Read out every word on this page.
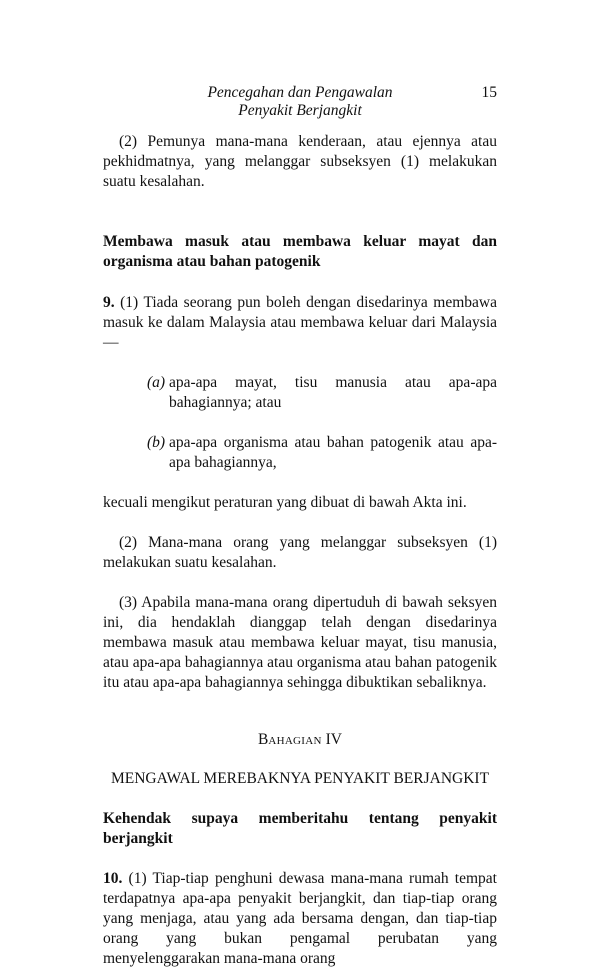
Pencegahan dan Pengawalan
Penyakit Berjangkit
15

(2) Pemunya mana-mana kenderaan, atau ejennya atau pekhidmatnya, yang melanggar subseksyen (1) melakukan suatu kesalahan.

Membawa masuk atau membawa keluar mayat dan organisma atau bahan patogenik

9. (1) Tiada seorang pun boleh dengan disedarinya membawa masuk ke dalam Malaysia atau membawa keluar dari Malaysia—

(a) apa-apa mayat, tisu manusia atau apa-apa bahagiannya; atau
(b) apa-apa organisma atau bahan patogenik atau apa-apa bahagiannya,

kecuali mengikut peraturan yang dibuat di bawah Akta ini.

(2) Mana-mana orang yang melanggar subseksyen (1) melakukan suatu kesalahan.

(3) Apabila mana-mana orang dipertuduh di bawah seksyen ini, dia hendaklah dianggap telah dengan disedarinya membawa masuk atau membawa keluar mayat, tisu manusia, atau apa-apa bahagiannya atau organisma atau bahan patogenik itu atau apa-apa bahagiannya sehingga dibuktikan sebaliknya.

BAHAGIAN IV

MENGAWAL MEREBAKNYA PENYAKIT BERJANGKIT

Kehendak supaya memberitahu tentang penyakit berjangkit

10. (1) Tiap-tiap penghuni dewasa mana-mana rumah tempat terdapatnya apa-apa penyakit berjangkit, dan tiap-tiap orang yang menjaga, atau yang ada bersama dengan, dan tiap-tiap orang yang bukan pengamal perubatan yang menyelenggarakan mana-mana orang
